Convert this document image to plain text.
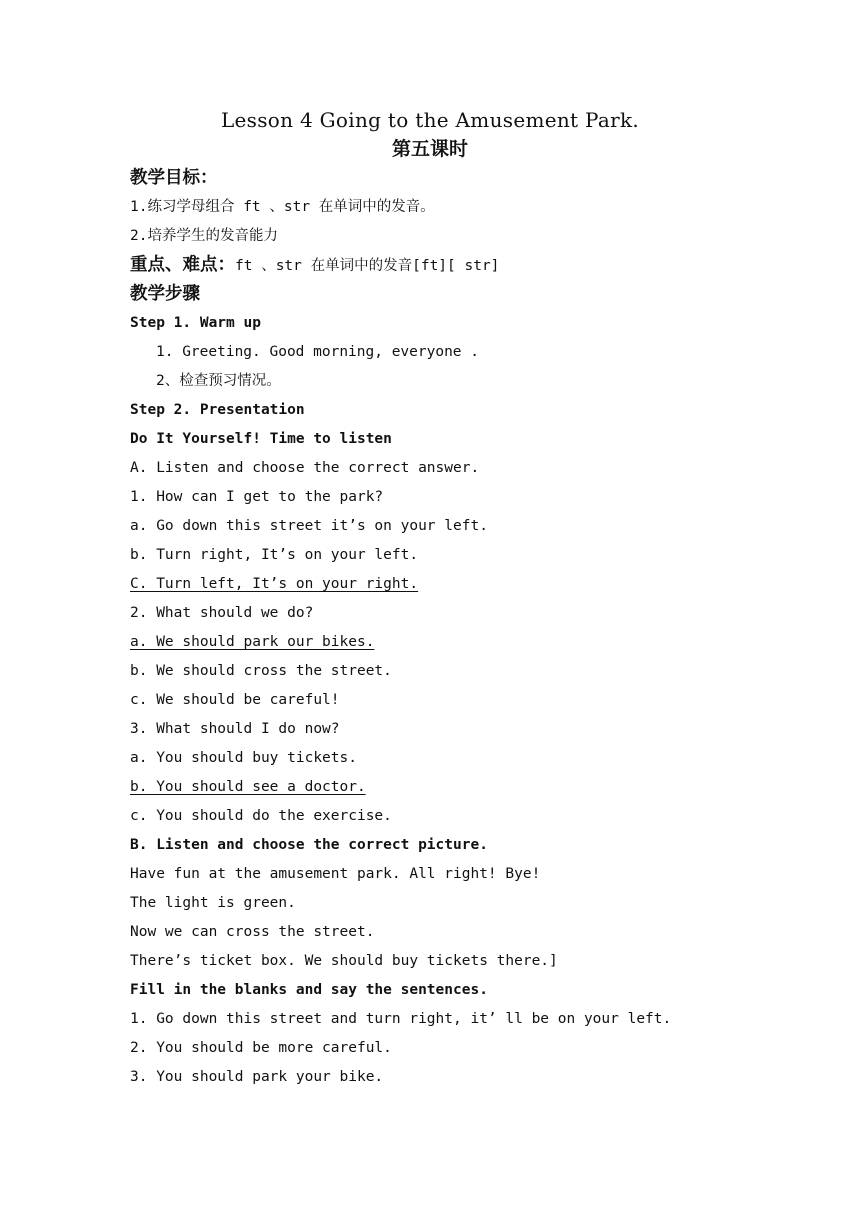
Lesson 4 Going to the Amusement Park.
第五课时
教学目标：
1.练习学母组合 ft 、str 在单词中的发音。
2.培养学生的发音能力
重点、难点：ft 、str 在单词中的发音[ft][ str]
教学步骤
Step 1. Warm up
1. Greeting. Good morning, everyone .
2、检查预习情况。
Step 2. Presentation
Do It Yourself! Time to listen
A. Listen and choose the correct answer.
1. How can I get to the park?
a. Go down this street it’s on your left.
b. Turn right, It’s on your left.
C. Turn left, It’s on your right.
2. What should we do?
a. We should park our bikes.
b. We should cross the street.
c. We should be careful!
3. What should I do now?
a. You should buy tickets.
b. You should see a doctor.
c. You should do the exercise.
B. Listen and choose the correct picture.
Have fun at the amusement park. All right! Bye!
The light is green.
Now we can cross the street.
There’s ticket box. We should buy tickets there.]
Fill in the blanks and say the sentences.
1. Go down this street and turn right, it’ ll be on your left.
2. You should be more careful.
3. You should park your bike.
